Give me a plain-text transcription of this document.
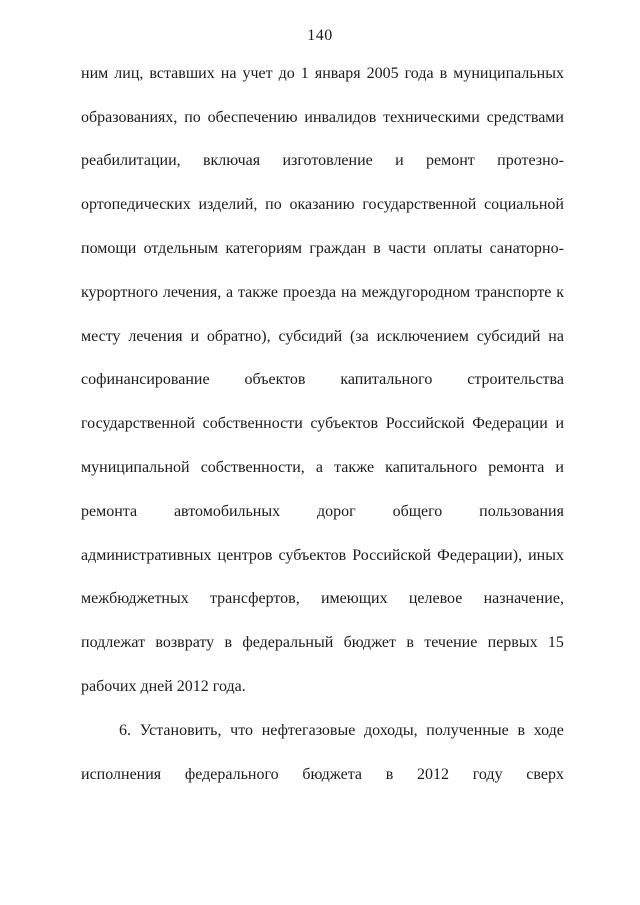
140
ним лиц, вставших на учет до 1 января 2005 года в муниципальных
образованиях, по обеспечению инвалидов техническими средствами
реабилитации, включая изготовление и ремонт протезно-
ортопедических изделий, по оказанию государственной социальной
помощи отдельным категориям граждан в части оплаты санаторно-
курортного лечения, а также проезда на междугородном транспорте к
месту лечения и обратно), субсидий (за исключением субсидий на
софинансирование объектов капитального строительства
государственной собственности субъектов Российской Федерации и
муниципальной собственности, а также капитального ремонта и
ремонта автомобильных дорог общего пользования
административных центров субъектов Российской Федерации), иных
межбюджетных трансфертов, имеющих целевое назначение,
подлежат возврату в федеральный бюджет в течение первых 15
рабочих дней 2012 года.
6. Установить, что нефтегазовые доходы, полученные в ходе
исполнения федерального бюджета в 2012 году сверх
